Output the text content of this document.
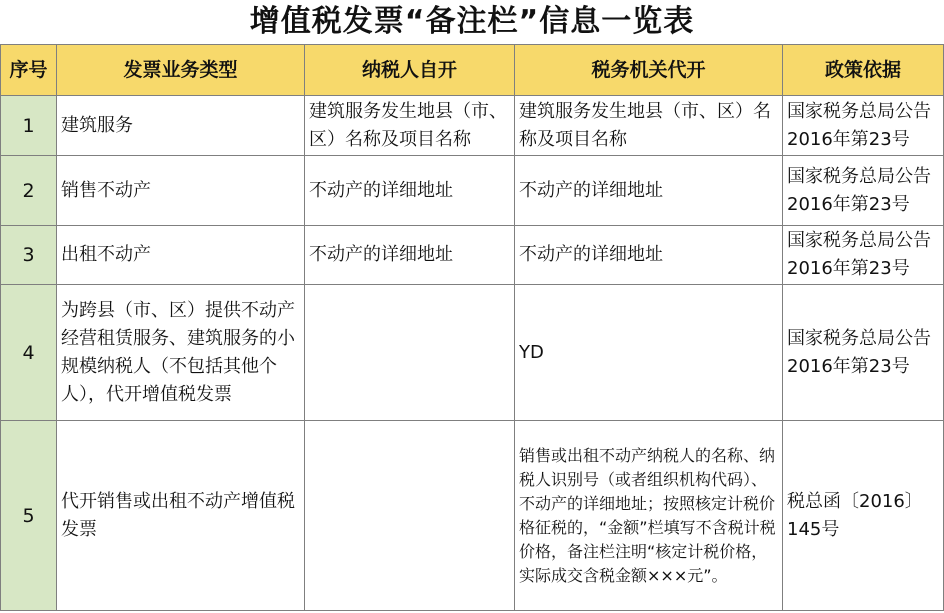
增值税发票“备注栏”信息一览表
序号	发票业务类型	纳税人自开	税务机关代开	政策依据
1	建筑服务	建筑服务发生地县（市、区）名称及项目名称	建筑服务发生地县（市、区）名称及项目名称	国家税务总局公告2016年第23号
2	销售不动产	不动产的详细地址	不动产的详细地址	国家税务总局公告2016年第23号
3	出租不动产	不动产的详细地址	不动产的详细地址	国家税务总局公告2016年第23号
4	为跨县（市、区）提供不动产经营租赁服务、建筑服务的小规模纳税人（不包括其他个人），代开增值税发票		YD	国家税务总局公告2016年第23号
5	代开销售或出租不动产增值税发票		销售或出租不动产纳税人的名称、纳税人识别号（或者组织机构代码）、不动产的详细地址；按照核定计税价格征税的，“金额”栏填写不含税计税价格，备注栏注明“核定计税价格，实际成交含税金额×××元”。	税总函〔2016〕145号
